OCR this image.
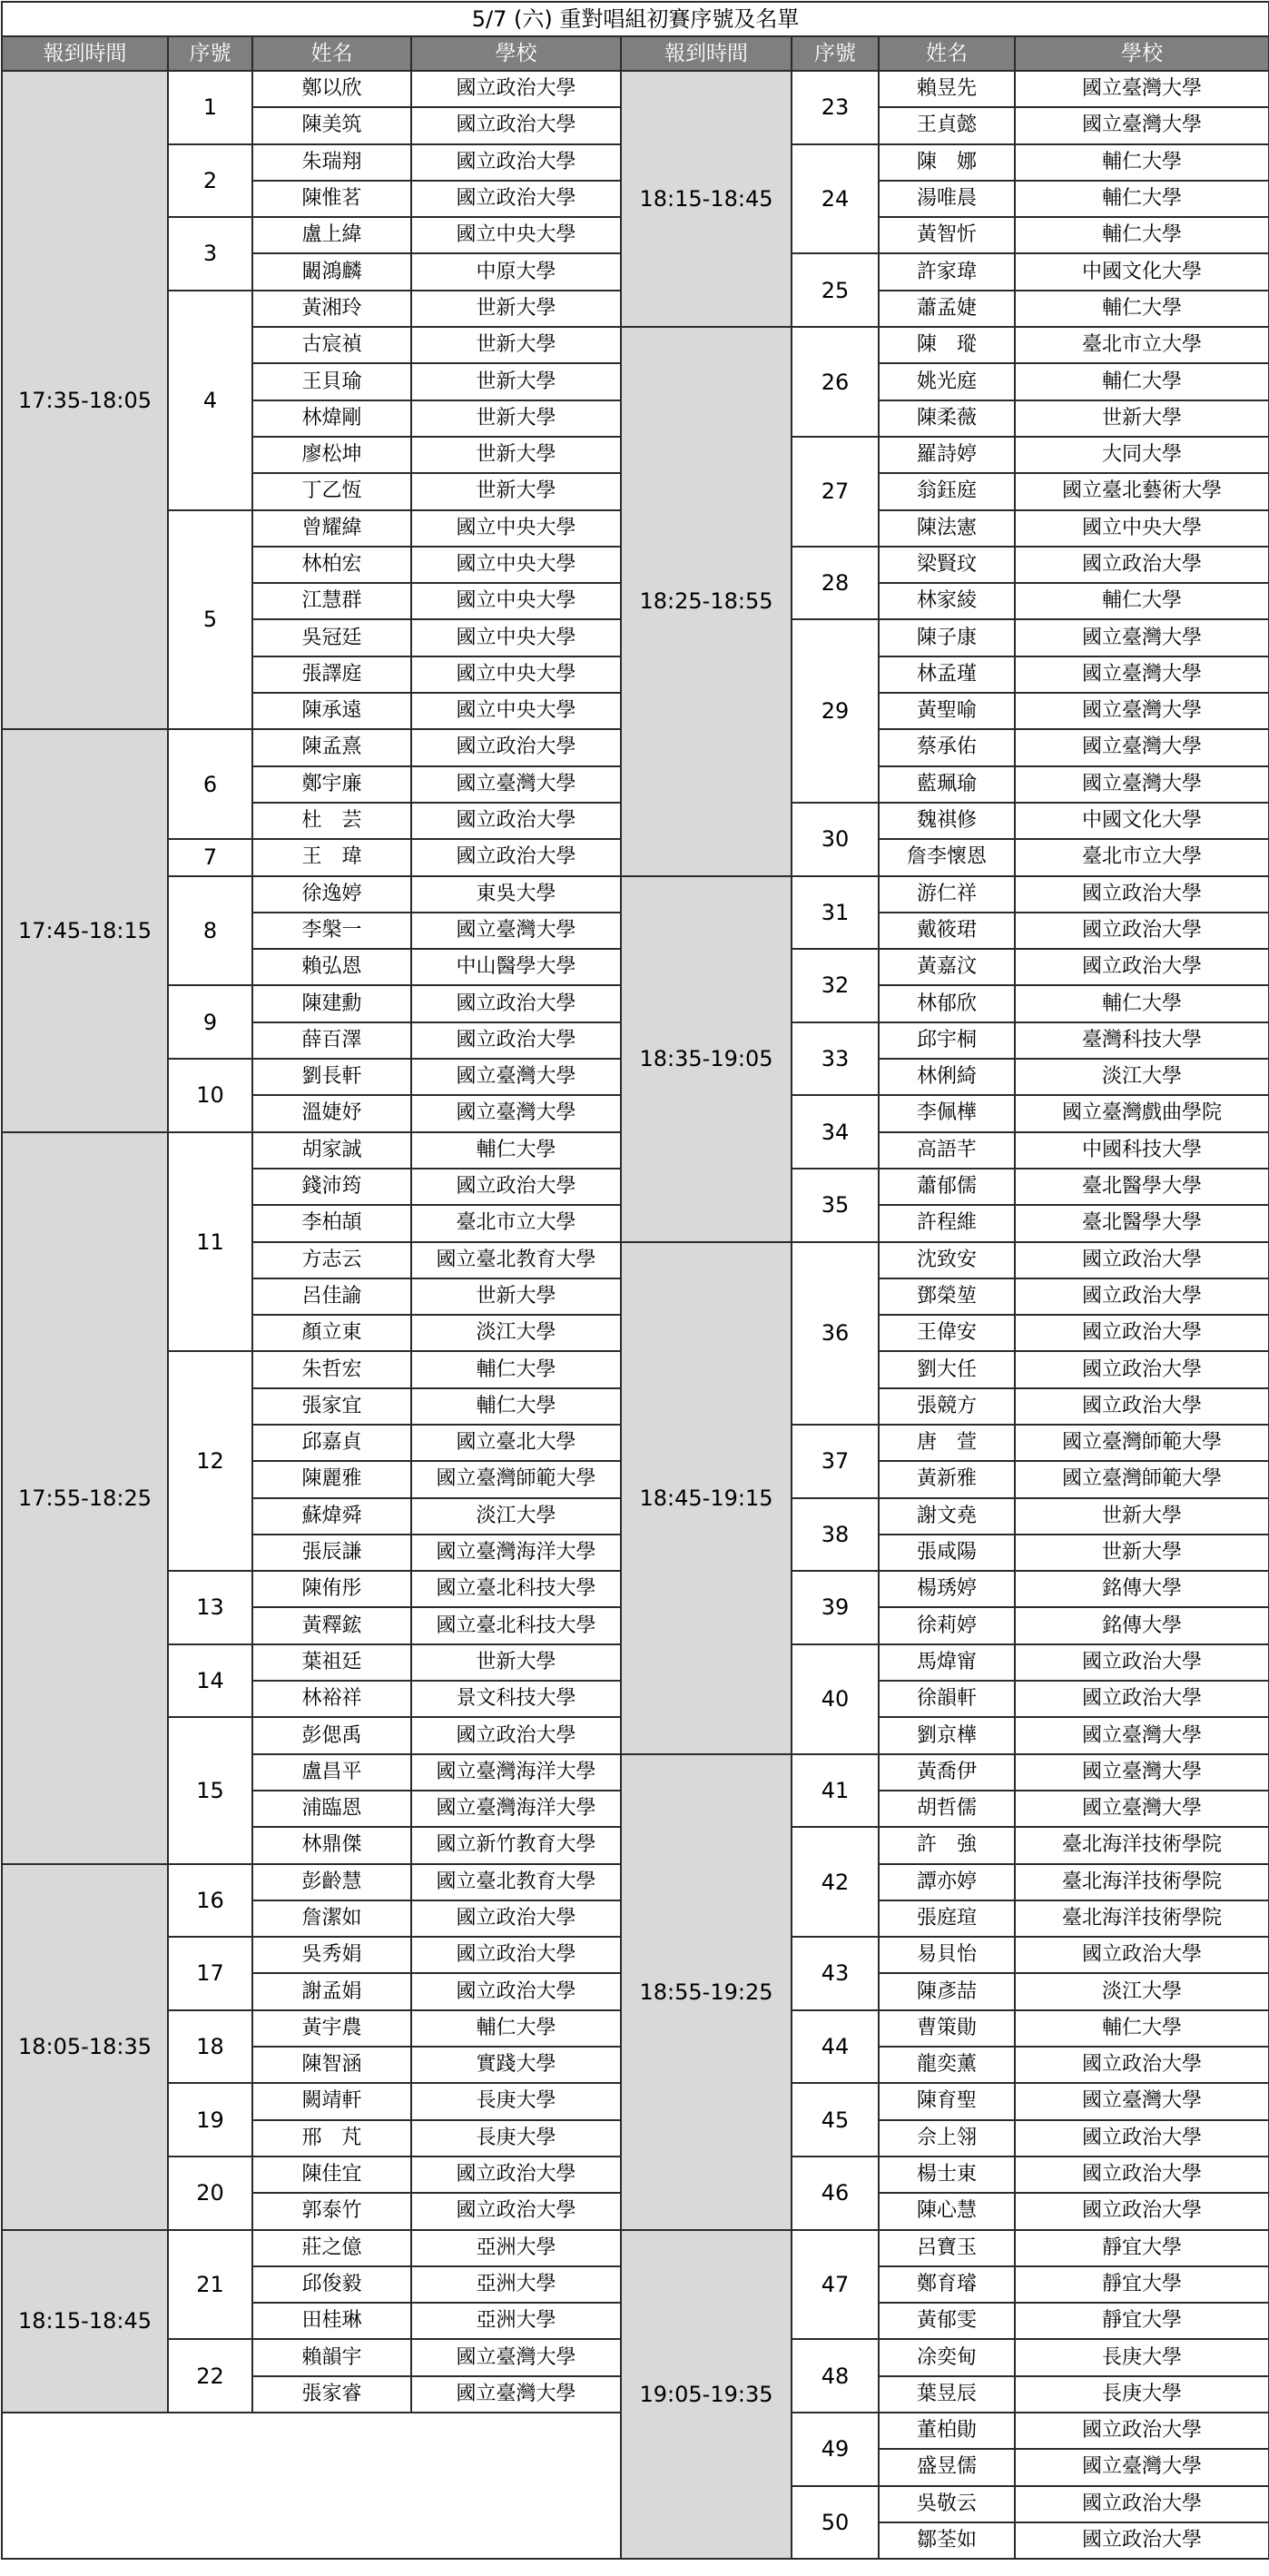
5/7 (六) 重對唱組初賽序號及名單							
報到時間	序號	姓名	學校	報到時間	序號	姓名	學校
17:35-18:05	1	鄭以欣	國立政治大學	18:15-18:45	23	賴昱先	國立臺灣大學
		陳美筑	國立政治大學			王貞懿	國立臺灣大學
	2	朱瑞翔	國立政治大學		24	陳　娜	輔仁大學
		陳惟茗	國立政治大學			湯唯晨	輔仁大學
	3	盧上緯	國立中央大學			黃智忻	輔仁大學
		闞鴻麟	中原大學		25	許家瑋	中國文化大學
	4	黃湘玲	世新大學			蕭孟婕	輔仁大學
		古宸禎	世新大學	18:25-18:55	26	陳　瑽	臺北市立大學
		王貝瑜	世新大學			姚光庭	輔仁大學
		林煒剛	世新大學			陳柔薇	世新大學
		廖松坤	世新大學		27	羅詩婷	大同大學
		丁乙恆	世新大學			翁鈺庭	國立臺北藝術大學
	5	曾耀緯	國立中央大學			陳法憲	國立中央大學
		林柏宏	國立中央大學		28	梁賢玟	國立政治大學
		江慧群	國立中央大學			林家綾	輔仁大學
		吳冠廷	國立中央大學		29	陳子康	國立臺灣大學
		張譯庭	國立中央大學			林孟瑾	國立臺灣大學
		陳承遠	國立中央大學			黃聖喻	國立臺灣大學
17:45-18:15	6	陳孟熹	國立政治大學			蔡承佑	國立臺灣大學
		鄭宇廉	國立臺灣大學			藍珮瑜	國立臺灣大學
		杜　芸	國立政治大學		30	魏祺修	中國文化大學
	7	王　瑋	國立政治大學			詹李懷恩	臺北市立大學
	8	徐逸婷	東吳大學	18:35-19:05	31	游仁祥	國立政治大學
		李槃一	國立臺灣大學			戴筱珺	國立政治大學
		賴弘恩	中山醫學大學		32	黃嘉汶	國立政治大學
	9	陳建勳	國立政治大學			林郁欣	輔仁大學
		薛百澤	國立政治大學		33	邱宇桐	臺灣科技大學
	10	劉長軒	國立臺灣大學			林俐綺	淡江大學
		溫婕妤	國立臺灣大學		34	李佩樺	國立臺灣戲曲學院
17:55-18:25	11	胡家誠	輔仁大學			高語芊	中國科技大學
		錢沛筠	國立政治大學		35	蕭郁儒	臺北醫學大學
		李柏頡	臺北市立大學			許程維	臺北醫學大學
		方志云	國立臺北教育大學	18:45-19:15	36	沈致安	國立政治大學
		呂佳諭	世新大學			鄧榮堃	國立政治大學
		顏立東	淡江大學			王偉安	國立政治大學
	12	朱哲宏	輔仁大學			劉大任	國立政治大學
		張家宜	輔仁大學			張競方	國立政治大學
		邱嘉貞	國立臺北大學		37	唐　萱	國立臺灣師範大學
		陳麗雅	國立臺灣師範大學			黃新雅	國立臺灣師範大學
		蘇煒舜	淡江大學		38	謝文堯	世新大學
		張辰謙	國立臺灣海洋大學			張咸陽	世新大學
	13	陳侑彤	國立臺北科技大學		39	楊琇婷	銘傳大學
		黃釋鋐	國立臺北科技大學			徐莉婷	銘傳大學
	14	葉祖廷	世新大學		40	馬煒甯	國立政治大學
		林裕祥	景文科技大學			徐韻軒	國立政治大學
	15	彭偲禹	國立政治大學			劉京樺	國立臺灣大學
		盧昌平	國立臺灣海洋大學	18:55-19:25	41	黃喬伊	國立臺灣大學
		浦臨恩	國立臺灣海洋大學			胡哲儒	國立臺灣大學
		林鼎傑	國立新竹教育大學		42	許　強	臺北海洋技術學院
18:05-18:35	16	彭齡慧	國立臺北教育大學			譚亦婷	臺北海洋技術學院
		詹潔如	國立政治大學			張庭瑄	臺北海洋技術學院
	17	吳秀娟	國立政治大學		43	易貝怡	國立政治大學
		謝孟娟	國立政治大學			陳彥喆	淡江大學
	18	黃宇農	輔仁大學		44	曹策勛	輔仁大學
		陳智涵	實踐大學			龍奕薰	國立政治大學
	19	闕靖軒	長庚大學		45	陳育聖	國立臺灣大學
		邢　芃	長庚大學			佘上翎	國立政治大學
	20	陳佳宜	國立政治大學		46	楊士東	國立政治大學
		郭泰竹	國立政治大學			陳心慧	國立政治大學
18:15-18:45	21	莊之億	亞洲大學	19:05-19:35	47	呂寶玉	靜宜大學
		邱俊毅	亞洲大學			鄭育璿	靜宜大學
		田桂琳	亞洲大學			黃郁雯	靜宜大學
	22	賴韻宇	國立臺灣大學		48	凃奕甸	長庚大學
		張家睿	國立臺灣大學			葉昱辰	長庚大學
					49	董柏勛	國立政治大學
						盛昱儒	國立臺灣大學
					50	吳敬云	國立政治大學
						鄒荃如	國立政治大學
